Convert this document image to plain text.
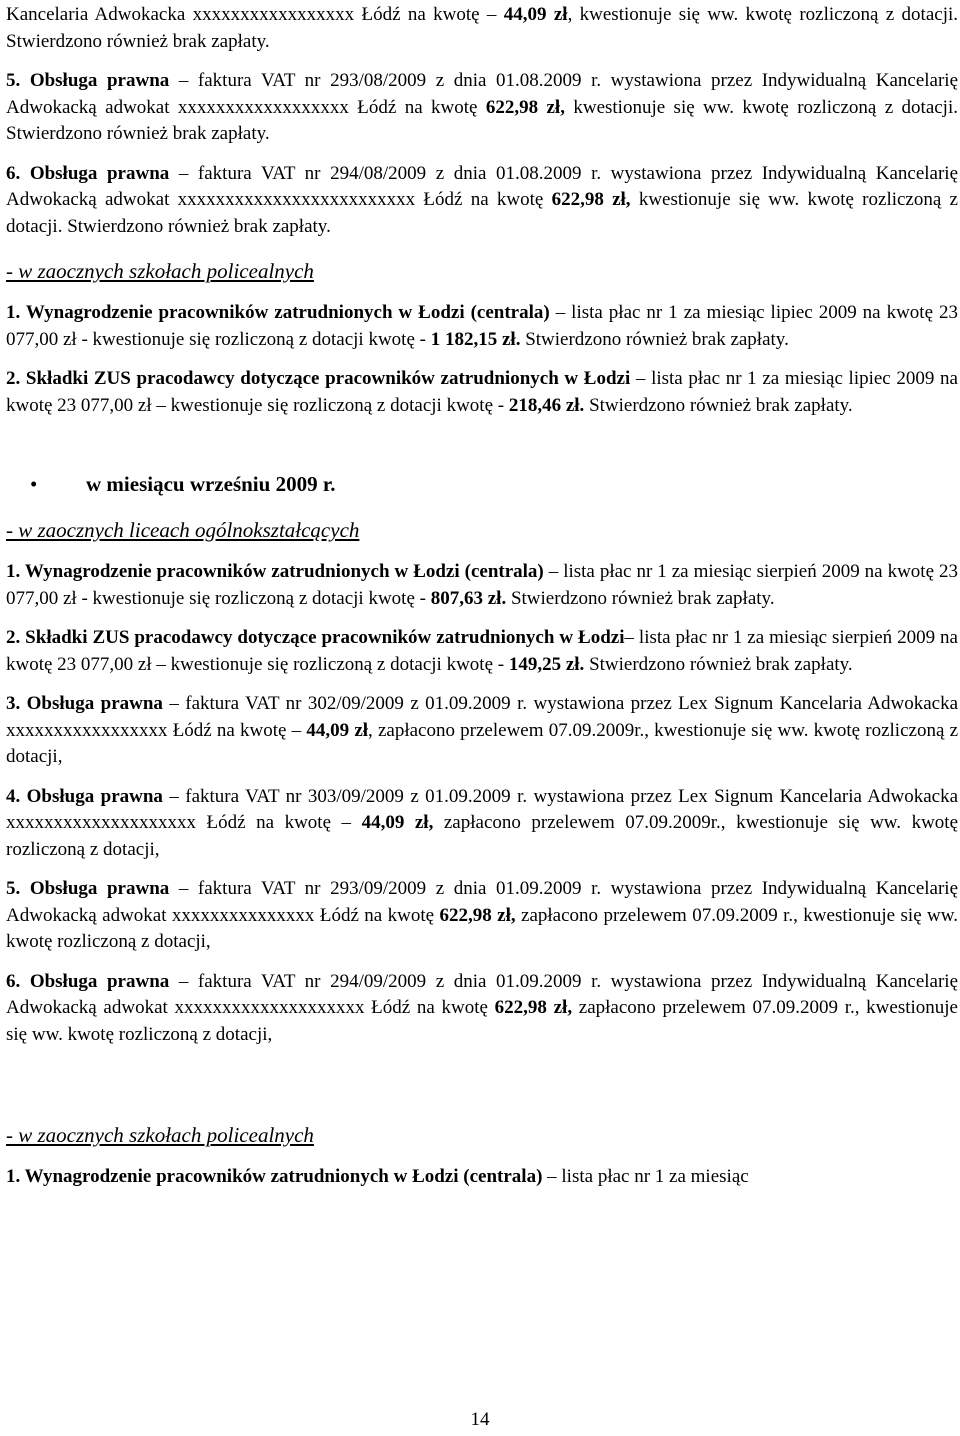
Kancelaria Adwokacka xxxxxxxxxxxxxxxxx Łódź na kwotę – 44,09 zł, kwestionuje się ww. kwotę rozliczoną z dotacji. Stwierdzono również brak zapłaty.

5. Obsługa prawna – faktura VAT nr 293/08/2009 z dnia 01.08.2009 r. wystawiona przez Indywidualną Kancelarię Adwokacką adwokat xxxxxxxxxxxxxxxxxx Łódź na kwotę 622,98 zł, kwestionuje się ww. kwotę rozliczoną z dotacji. Stwierdzono również brak zapłaty.

6. Obsługa prawna – faktura VAT nr 294/08/2009 z dnia 01.08.2009 r. wystawiona przez Indywidualną Kancelarię Adwokacką adwokat xxxxxxxxxxxxxxxxxxxxxxxxx Łódź na kwotę 622,98 zł, kwestionuje się ww. kwotę rozliczoną z dotacji. Stwierdzono również brak zapłaty.

- w zaocznych szkołach policealnych

1. Wynagrodzenie pracowników zatrudnionych w Łodzi (centrala) – lista płac nr 1 za miesiąc lipiec 2009 na kwotę 23 077,00 zł - kwestionuje się rozliczoną z dotacji kwotę - 1 182,15 zł. Stwierdzono również brak zapłaty.

2. Składki ZUS pracodawcy dotyczące pracowników zatrudnionych w Łodzi – lista płac nr 1 za miesiąc lipiec 2009 na kwotę 23 077,00 zł – kwestionuje się rozliczoną z dotacji kwotę - 218,46 zł. Stwierdzono również brak zapłaty.

• w miesiącu wrześniu 2009 r.

- w zaocznych liceach ogólnokształcących

1. Wynagrodzenie pracowników zatrudnionych w Łodzi (centrala) – lista płac nr 1 za miesiąc sierpień 2009 na kwotę 23 077,00 zł - kwestionuje się rozliczoną z dotacji kwotę - 807,63 zł. Stwierdzono również brak zapłaty.

2. Składki ZUS pracodawcy dotyczące pracowników zatrudnionych w Łodzi– lista płac nr 1 za miesiąc sierpień 2009 na kwotę 23 077,00 zł – kwestionuje się rozliczoną z dotacji kwotę - 149,25 zł. Stwierdzono również brak zapłaty.

3. Obsługa prawna – faktura VAT nr 302/09/2009 z 01.09.2009 r. wystawiona przez Lex Signum Kancelaria Adwokacka xxxxxxxxxxxxxxxxx Łódź na kwotę – 44,09 zł, zapłacono przelewem 07.09.2009r., kwestionuje się ww. kwotę rozliczoną z dotacji,

4. Obsługa prawna – faktura VAT nr 303/09/2009 z 01.09.2009 r. wystawiona przez Lex Signum Kancelaria Adwokacka xxxxxxxxxxxxxxxxxxxx Łódź na kwotę – 44,09 zł, zapłacono przelewem 07.09.2009r., kwestionuje się ww. kwotę rozliczoną z dotacji,

5. Obsługa prawna – faktura VAT nr 293/09/2009 z dnia 01.09.2009 r. wystawiona przez Indywidualną Kancelarię Adwokacką adwokat xxxxxxxxxxxxxxx Łódź na kwotę 622,98 zł, zapłacono przelewem 07.09.2009 r., kwestionuje się ww. kwotę rozliczoną z dotacji,

6. Obsługa prawna – faktura VAT nr 294/09/2009 z dnia 01.09.2009 r. wystawiona przez Indywidualną Kancelarię Adwokacką adwokat xxxxxxxxxxxxxxxxxxxx Łódź na kwotę 622,98 zł, zapłacono przelewem 07.09.2009 r., kwestionuje się ww. kwotę rozliczoną z dotacji,

- w zaocznych szkołach policealnych

1. Wynagrodzenie pracowników zatrudnionych w Łodzi (centrala) – lista płac nr 1 za miesiąc

14
